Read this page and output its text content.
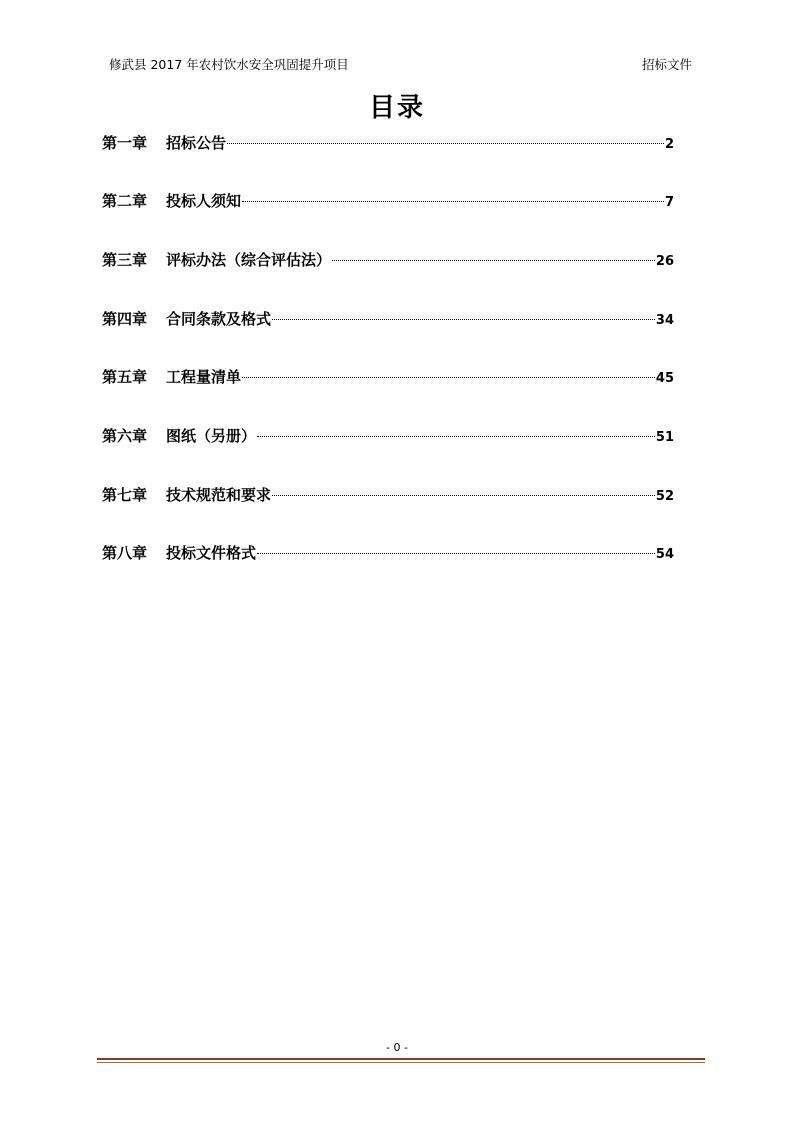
修武县 2017 年农村饮水安全巩固提升项目	招标文件
目录
第一章	招标公告	2
第二章	投标人须知	7
第三章	评标办法（综合评估法）	26
第四章	合同条款及格式	34
第五章	工程量清单	45
第六章	图纸（另册）	51
第七章	技术规范和要求	52
第八章	投标文件格式	54
- 0 -
